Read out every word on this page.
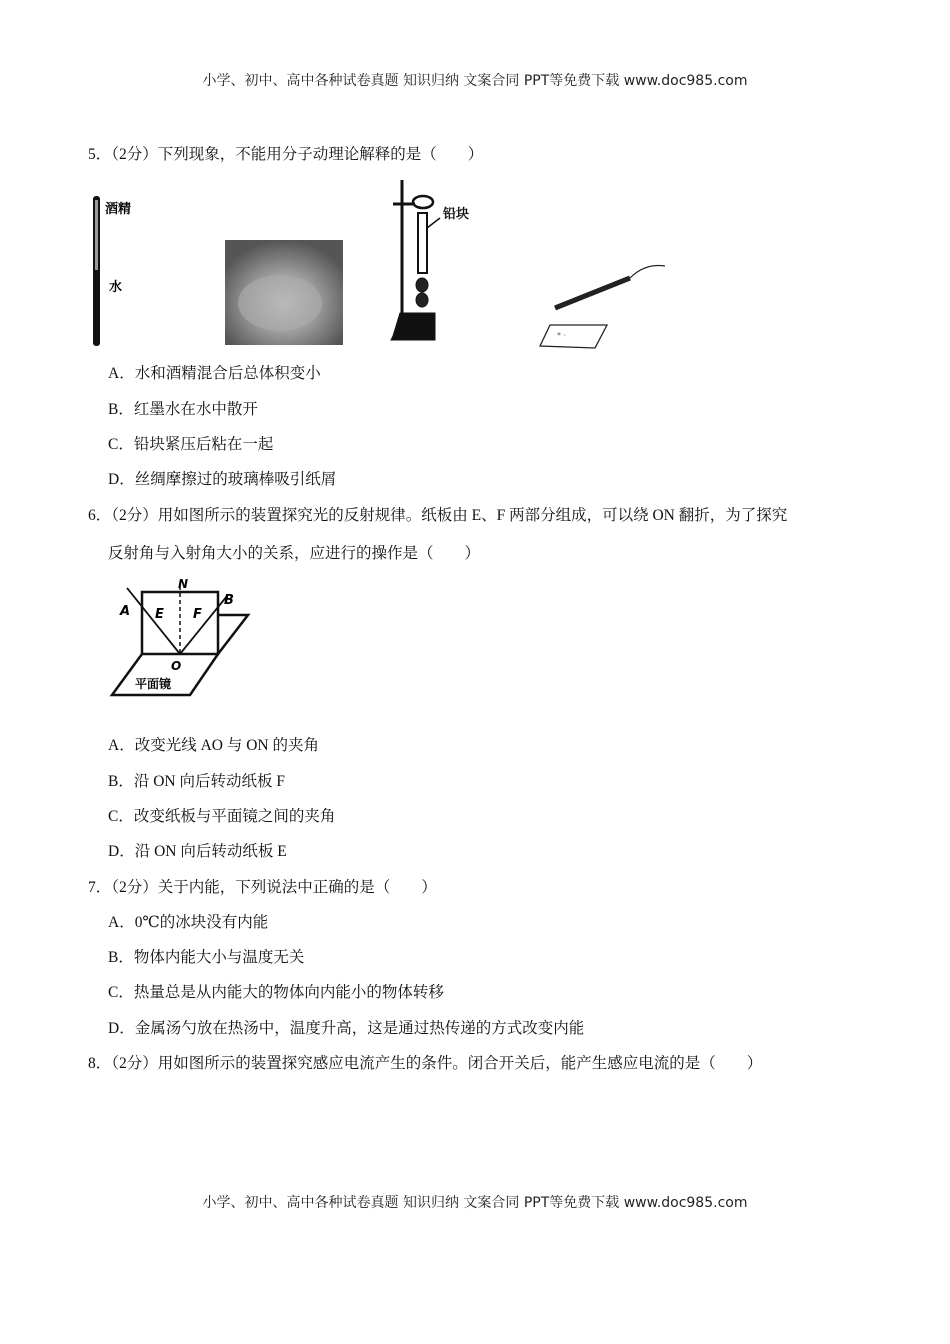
小学、初中、高中各种试卷真题 知识归纳 文案合同 PPT等免费下载 www.doc985.com
5．（2分）下列现象，不能用分子动理论解释的是（　　）
酒精
水
铅块
* ·
A．水和酒精混合后总体积变小
B．红墨水在水中散开
C．铅块紧压后粘在一起
D．丝绸摩擦过的玻璃棒吸引纸屑
6．（2分）用如图所示的装置探究光的反射规律。纸板由 E、F 两部分组成，可以绕 ON 翻折，为了探究
反射角与入射角大小的关系，应进行的操作是（　　）
A
B
E F
N
O
平面镜
A．改变光线 AO 与 ON 的夹角
B．沿 ON 向后转动纸板 F
C．改变纸板与平面镜之间的夹角
D．沿 ON 向后转动纸板 E
7．（2分）关于内能，下列说法中正确的是（　　）
A．0℃的冰块没有内能
B．物体内能大小与温度无关
C．热量总是从内能大的物体向内能小的物体转移
D．金属汤勺放在热汤中，温度升高，这是通过热传递的方式改变内能
8．（2分）用如图所示的装置探究感应电流产生的条件。闭合开关后，能产生感应电流的是（　　）
小学、初中、高中各种试卷真题 知识归纳 文案合同 PPT等免费下载 www.doc985.com
